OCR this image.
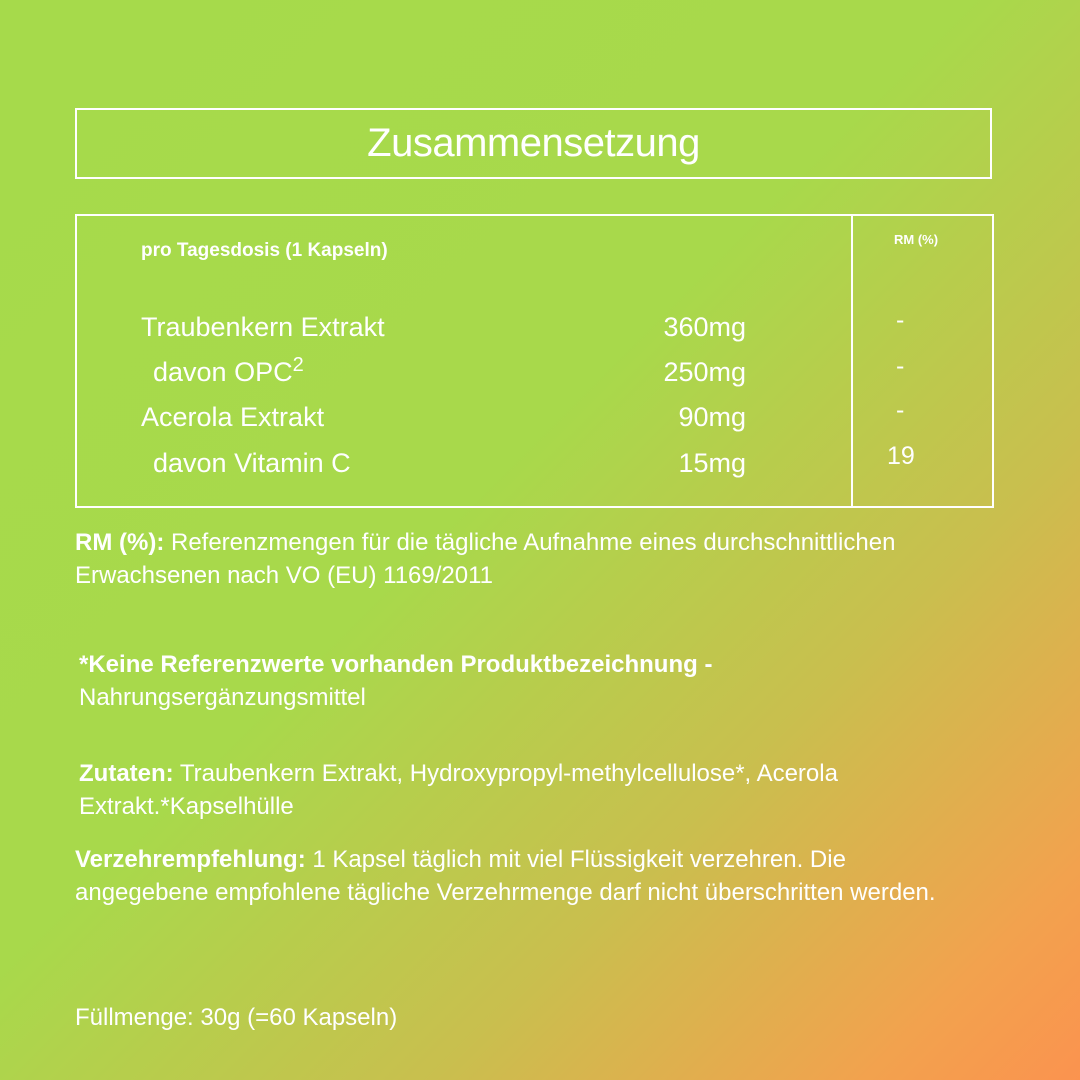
Zusammensetzung
pro Tagesdosis (1 Kapseln)
RM (%)
Traubenkern Extrakt	360mg	-
davon OPC$^2$	250mg	-
Acerola Extrakt	90mg	-
davon Vitamin C	15mg	19
RM (%): Referenzmengen für die tägliche Aufnahme eines durchschnittlichen
Erwachsenen nach VO (EU) 1169/2011
*Keine Referenzwerte vorhanden Produktbezeichnung -
Nahrungsergänzungsmittel
Zutaten: Traubenkern Extrakt, Hydroxypropyl-methylcellulose*, Acerola
Extrakt.*Kapselhülle
Verzehrempfehlung: 1 Kapsel täglich mit viel Flüssigkeit verzehren. Die
angegebene empfohlene tägliche Verzehrmenge darf nicht überschritten werden.
Füllmenge: 30g (=60 Kapseln)
